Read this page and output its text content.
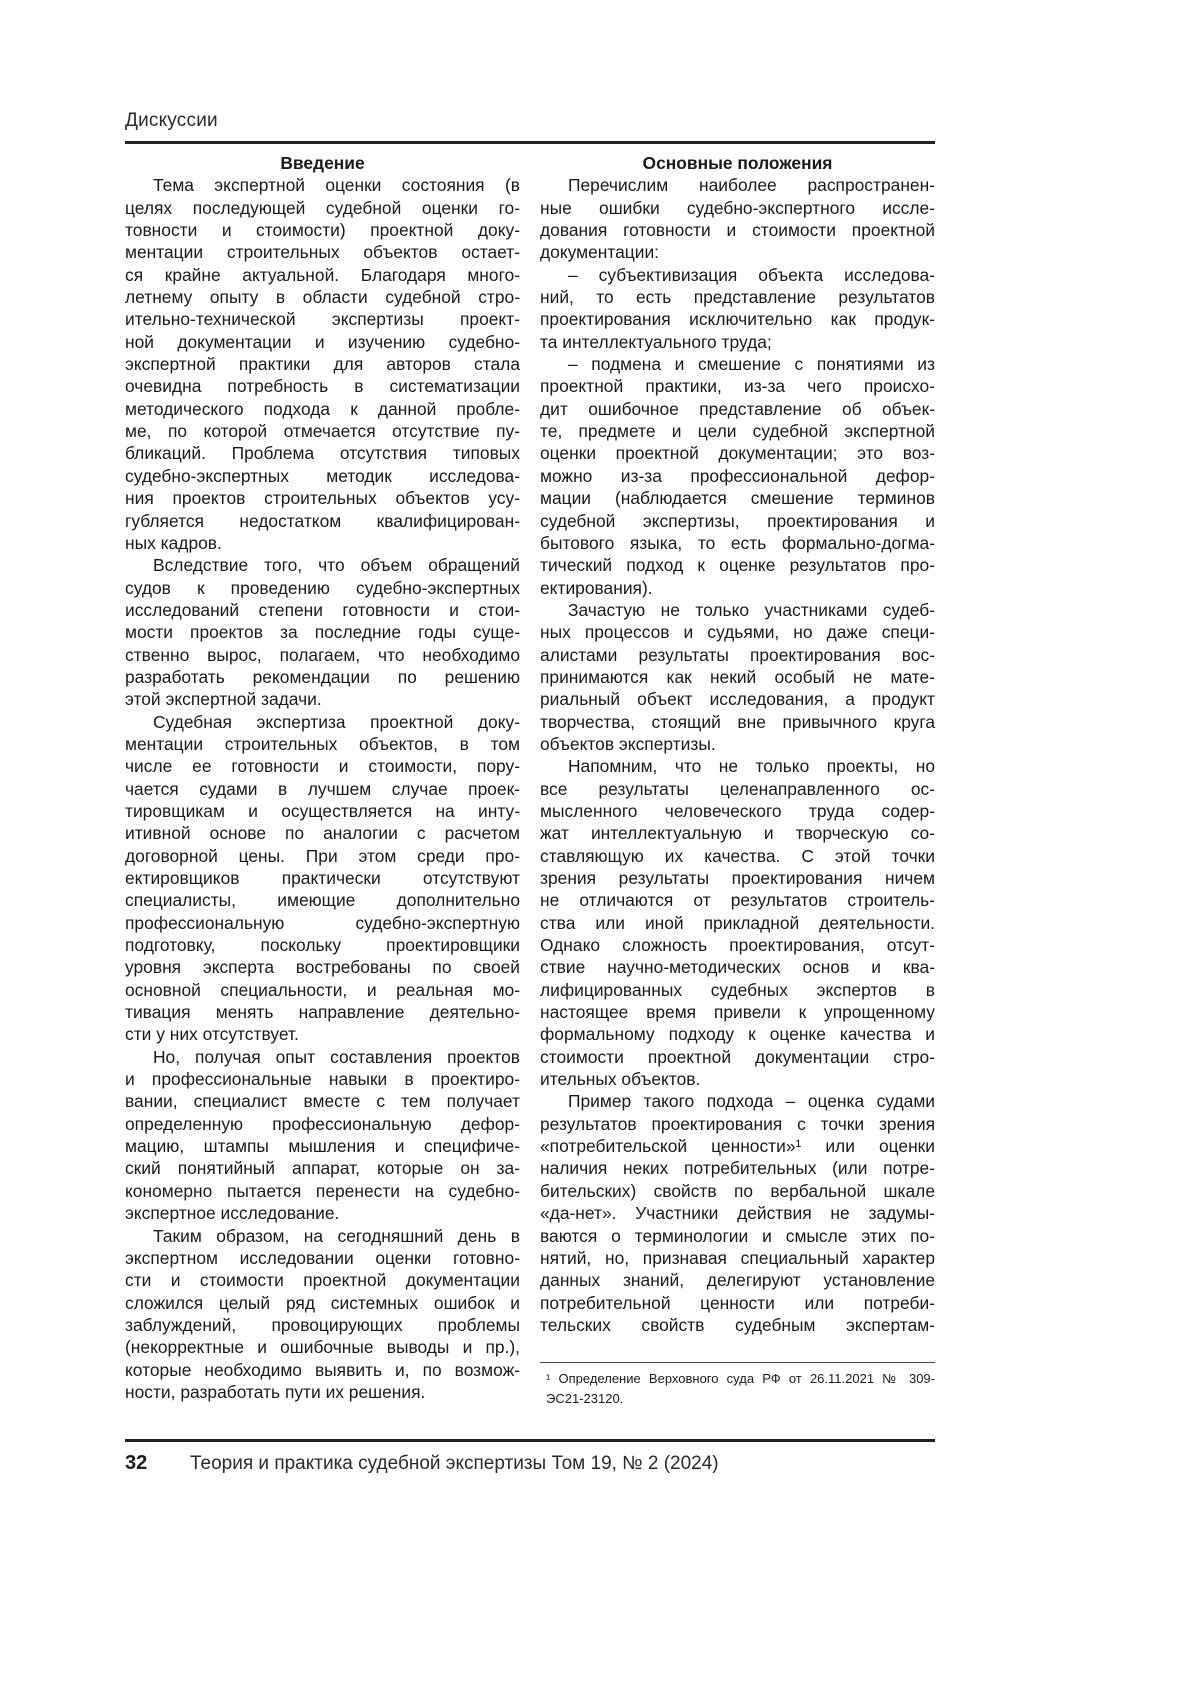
Дискуссии
Введение
Тема экспертной оценки состояния (в
целях последующей судебной оценки го-
товности и стоимости) проектной доку-
ментации строительных объектов остает-
ся крайне актуальной. Благодаря много-
летнему опыту в области судебной стро-
ительно-технической экспертизы проект-
ной документации и изучению судебно-
экспертной практики для авторов стала
очевидна потребность в систематизации
методического подхода к данной пробле-
ме, по которой отмечается отсутствие пу-
бликаций. Проблема отсутствия типовых
судебно-экспертных методик исследова-
ния проектов строительных объектов усу-
губляется недостатком квалифицирован-
ных кадров.
Вследствие того, что объем обращений
судов к проведению судебно-экспертных
исследований степени готовности и стои-
мости проектов за последние годы суще-
ственно вырос, полагаем, что необходимо
разработать рекомендации по решению
этой экспертной задачи.
Судебная экспертиза проектной доку-
ментации строительных объектов, в том
числе ее готовности и стоимости, пору-
чается судами в лучшем случае проек-
тировщикам и осуществляется на инту-
итивной основе по аналогии с расчетом
договорной цены. При этом среди про-
ектировщиков практически отсутствуют
специалисты, имеющие дополнительно
профессиональную судебно-экспертную
подготовку, поскольку проектировщики
уровня эксперта востребованы по своей
основной специальности, и реальная мо-
тивация менять направление деятельно-
сти у них отсутствует.
Но, получая опыт составления проектов
и профессиональные навыки в проектиро-
вании, специалист вместе с тем получает
определенную профессиональную дефор-
мацию, штампы мышления и специфиче-
ский понятийный аппарат, которые он за-
кономерно пытается перенести на судебно-
экспертное исследование.
Таким образом, на сегодняшний день в
экспертном исследовании оценки готовно-
сти и стоимости проектной документации
сложился целый ряд системных ошибок и
заблуждений, провоцирующих проблемы
(некорректные и ошибочные выводы и пр.),
которые необходимо выявить и, по возмож-
ности, разработать пути их решения.
Основные положения
Перечислим наиболее распространен-
ные ошибки судебно-экспертного иссле-
дования готовности и стоимости проектной
документации:
– субъективизация объекта исследова-
ний, то есть представление результатов
проектирования исключительно как продук-
та интеллектуального труда;
– подмена и смешение с понятиями из
проектной практики, из-за чего происхо-
дит ошибочное представление об объек-
те, предмете и цели судебной экспертной
оценки проектной документации; это воз-
можно из-за профессиональной дефор-
мации (наблюдается смешение терминов
судебной экспертизы, проектирования и
бытового языка, то есть формально-догма-
тический подход к оценке результатов про-
ектирования).
Зачастую не только участниками судеб-
ных процессов и судьями, но даже специ-
алистами результаты проектирования вос-
принимаются как некий особый не мате-
риальный объект исследования, а продукт
творчества, стоящий вне привычного круга
объектов экспертизы.
Напомним, что не только проекты, но
все результаты целенаправленного ос-
мысленного человеческого труда содер-
жат интеллектуальную и творческую со-
ставляющую их качества. С этой точки
зрения результаты проектирования ничем
не отличаются от результатов строитель-
ства или иной прикладной деятельности.
Однако сложность проектирования, отсут-
ствие научно-методических основ и ква-
лифицированных судебных экспертов в
настоящее время привели к упрощенному
формальному подходу к оценке качества и
стоимости проектной документации стро-
ительных объектов.
Пример такого подхода – оценка судами
результатов проектирования с точки зрения
«потребительской ценности»¹ или оценки
наличия неких потребительных (или потре-
бительских) свойств по вербальной шкале
«да-нет». Участники действия не задумы-
ваются о терминологии и смысле этих по-
нятий, но, признавая специальный характер
данных знаний, делегируют установление
потребительной ценности или потреби-
тельских свойств судебным экспертам-
¹ Определение Верховного суда РФ от 26.11.2021 № 309-
ЭС21-23120.
32 Теория и практика судебной экспертизы Том 19, № 2 (2024)
